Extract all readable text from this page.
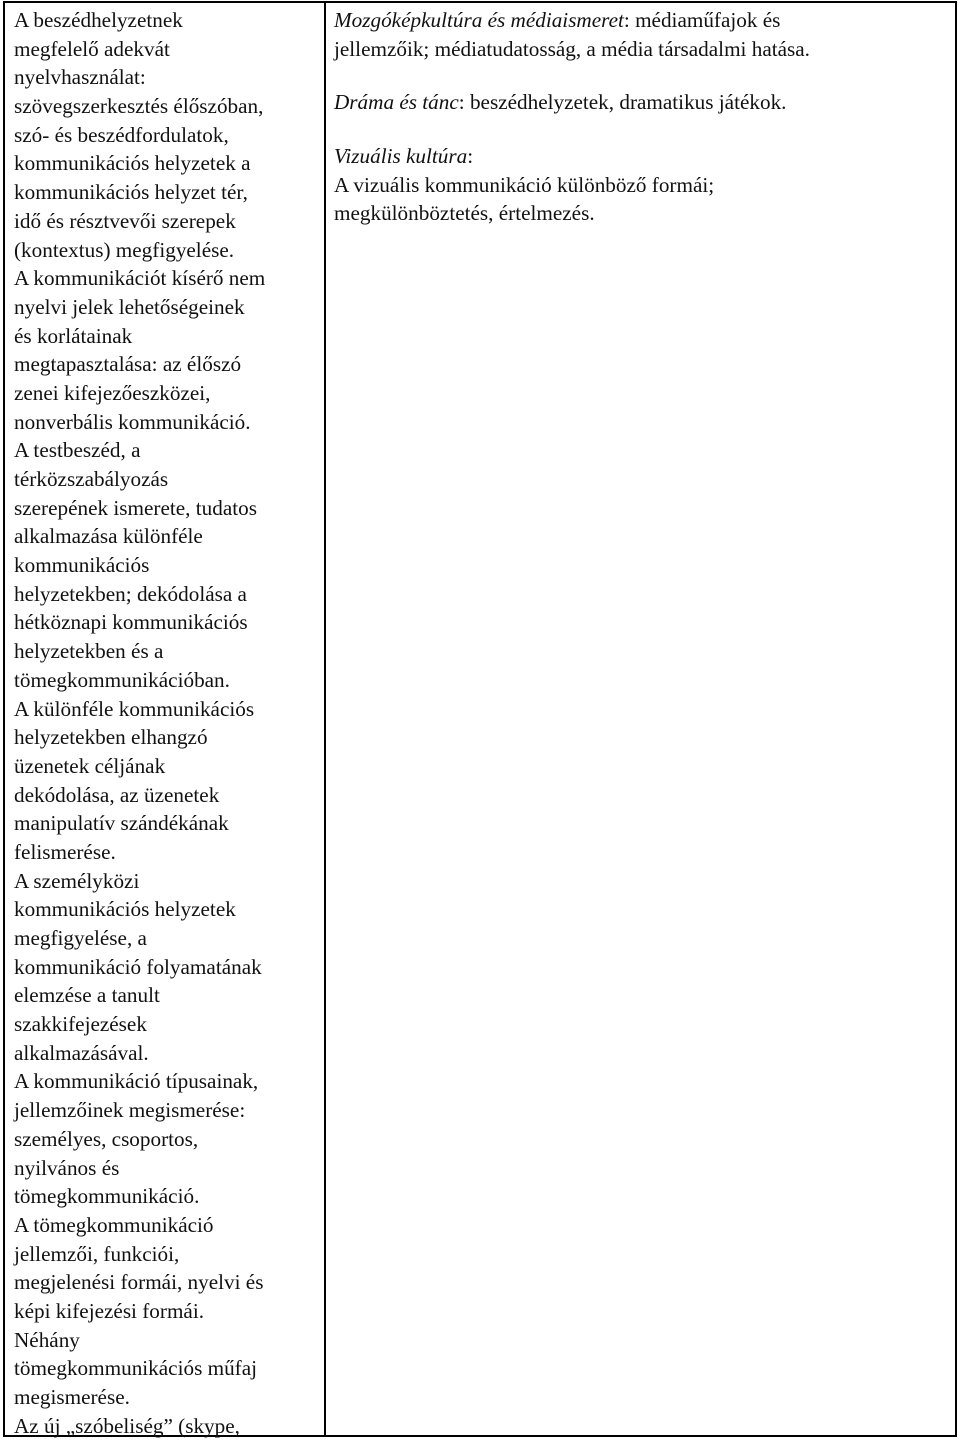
A beszédhelyzetnek
megfelelő adekvát
nyelvhasználat:
szövegszerkesztés élőszóban,
szó- és beszédfordulatok,
kommunikációs helyzetek a
kommunikációs helyzet tér,
idő és résztvevői szerepek
(kontextus) megfigyelése.
A kommunikációt kísérő nem
nyelvi jelek lehetőségeinek
és korlátainak
megtapasztalása: az élőszó
zenei kifejezőeszközei,
nonverbális kommunikáció.
A testbeszéd, a
térközszabályozás
szerepének ismerete, tudatos
alkalmazása különféle
kommunikációs
helyzetekben; dekódolása a
hétköznapi kommunikációs
helyzetekben és a
tömegkommunikációban.
A különféle kommunikációs
helyzetekben elhangzó
üzenetek céljának
dekódolása, az üzenetek
manipulatív szándékának
felismerése.
A személyközi
kommunikációs helyzetek
megfigyelése, a
kommunikáció folyamatának
elemzése a tanult
szakkifejezések
alkalmazásával.
A kommunikáció típusainak,
jellemzőinek megismerése:
személyes, csoportos,
nyilvános és
tömegkommunikáció.
A tömegkommunikáció
jellemzői, funkciói,
megjelenési formái, nyelvi és
képi kifejezési formái.
Néhány
tömegkommunikációs műfaj
megismerése.
Az új „szóbeliség” (skype,
Mozgóképkultúra és médiaismeret: médiaműfajok és
jellemzőik; médiatudatosság, a média társadalmi hatása.
Dráma és tánc: beszédhelyzetek, dramatikus játékok.
Vizuális kultúra:
A vizuális kommunikáció különböző formái;
megkülönböztetés, értelmezés.
